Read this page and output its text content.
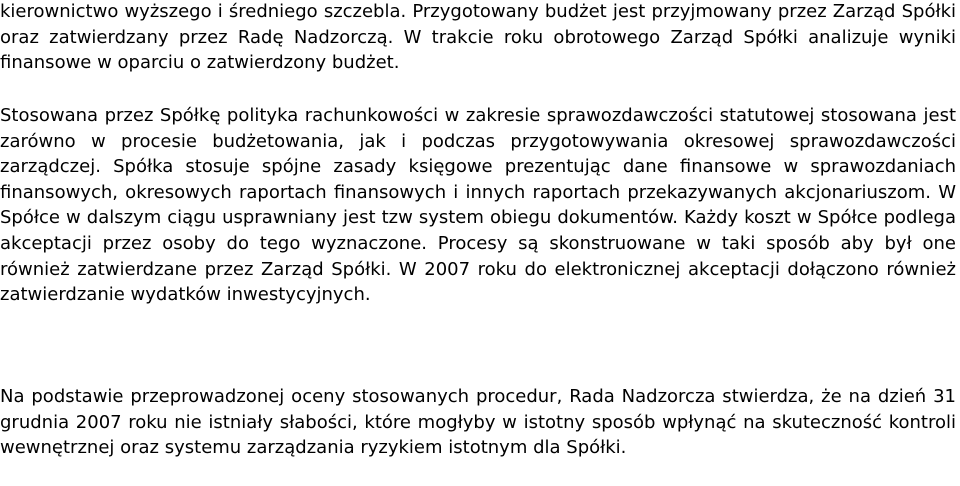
kierownictwo wyższego i średniego szczebla. Przygotowany budżet jest przyjmowany przez Zarząd Spółki oraz zatwierdzany przez Radę Nadzorczą. W trakcie roku obrotowego Zarząd Spółki analizuje wyniki finansowe w oparciu o zatwierdzony budżet.

Stosowana przez Spółkę polityka rachunkowości w zakresie sprawozdawczości statutowej stosowana jest zarówno w procesie budżetowania, jak i podczas przygotowywania okresowej sprawozdawczości zarządczej. Spółka stosuje spójne zasady księgowe prezentując dane finansowe w sprawozdaniach finansowych, okresowych raportach finansowych i innych raportach przekazywanych akcjonariuszom. W Spółce w dalszym ciągu usprawniany jest tzw system obiegu dokumentów. Każdy koszt w Spółce podlega akceptacji przez osoby do tego wyznaczone. Procesy są skonstruowane w taki sposób aby był one również zatwierdzane przez Zarząd Spółki. W 2007 roku do elektronicznej akceptacji dołączono również zatwierdzanie wydatków inwestycyjnych.

Na podstawie przeprowadzonej oceny stosowanych procedur, Rada Nadzorcza stwierdza, że na dzień 31 grudnia 2007 roku nie istniały słabości, które mogłyby w istotny sposób wpłynąć na skuteczność kontroli wewnętrznej oraz systemu zarządzania ryzykiem istotnym dla Spółki.
